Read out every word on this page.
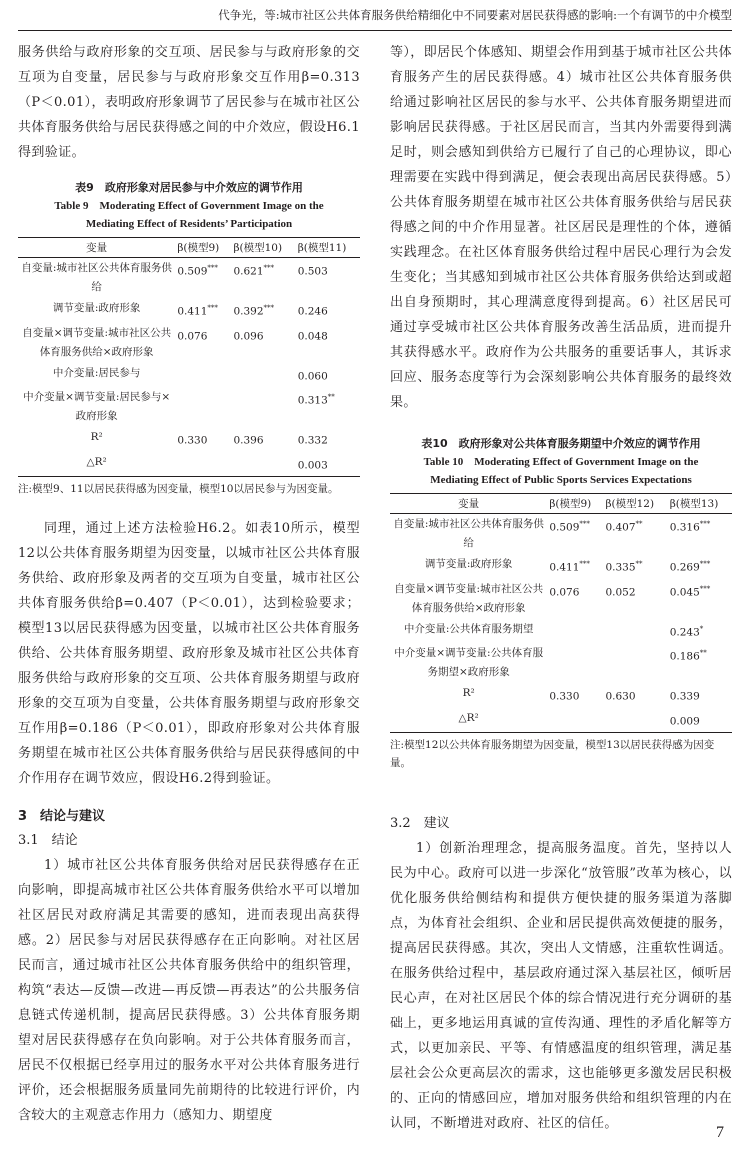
代争光，等:城市社区公共体育服务供给精细化中不同要素对居民获得感的影响:一个有调节的中介模型

服务供给与政府形象的交互项、居民参与与政府形象的交互项为自变量，居民参与与政府形象交互作用β=0.313（P＜0.01），表明政府形象调节了居民参与在城市社区公共体育服务供给与居民获得感之间的中介效应，假设H6.1得到验证。

表9　政府形象对居民参与中介效应的调节作用
Table 9　Moderating Effect of Government Image on the
Mediating Effect of Residents’ Participation
变量	β(模型9)	β(模型10)	β(模型11)
自变量:城市社区公共体育服务供给	0.509***	0.621***	0.503
调节变量:政府形象	0.411***	0.392***	0.246
自变量×调节变量:城市社区公共体育服务供给×政府形象	0.076	0.096	0.048
中介变量:居民参与			0.060
中介变量×调节变量:居民参与×政府形象			0.313**
R²	0.330	0.396	0.332
△R²			0.003
注:模型9、11以居民获得感为因变量，模型10以居民参与为因变量。

同理，通过上述方法检验H6.2。如表10所示，模型12以公共体育服务期望为因变量，以城市社区公共体育服务供给、政府形象及两者的交互项为自变量，城市社区公共体育服务供给β=0.407（P＜0.01），达到检验要求；模型13以居民获得感为因变量，以城市社区公共体育服务供给、公共体育服务期望、政府形象及城市社区公共体育服务供给与政府形象的交互项、公共体育服务期望与政府形象的交互项为自变量，公共体育服务期望与政府形象交互作用β=0.186（P＜0.01），即政府形象对公共体育服务期望在城市社区公共体育服务供给与居民获得感间的中介作用存在调节效应，假设H6.2得到验证。

3　结论与建议

3.1　结论

1）城市社区公共体育服务供给对居民获得感存在正向影响，即提高城市社区公共体育服务供给水平可以增加社区居民对政府满足其需要的感知，进而表现出高获得感。2）居民参与对居民获得感存在正向影响。对社区居民而言，通过城市社区公共体育服务供给中的组织管理，构筑“表达—反馈—改进—再反馈—再表达”的公共服务信息链式传递机制，提高居民获得感。3）公共体育服务期望对居民获得感存在负向影响。对于公共体育服务而言，居民不仅根据已经享用过的服务水平对公共体育服务进行评价，还会根据服务质量同先前期待的比较进行评价，内含较大的主观意志作用力（感知力、期望度

等），即居民个体感知、期望会作用到基于城市社区公共体育服务产生的居民获得感。4）城市社区公共体育服务供给通过影响社区居民的参与水平、公共体育服务期望进而影响居民获得感。于社区居民而言，当其内外需要得到满足时，则会感知到供给方已履行了自己的心理协议，即心理需要在实践中得到满足，便会表现出高居民获得感。5）公共体育服务期望在城市社区公共体育服务供给与居民获得感之间的中介作用显著。社区居民是理性的个体，遵循实践理念。在社区体育服务供给过程中居民心理行为会发生变化；当其感知到城市社区公共体育服务供给达到或超出自身预期时，其心理满意度得到提高。6）社区居民可通过享受城市社区公共体育服务改善生活品质，进而提升其获得感水平。政府作为公共服务的重要话事人，其诉求回应、服务态度等行为会深刻影响公共体育服务的最终效果。

表10　政府形象对公共体育服务期望中介效应的调节作用
Table 10　Moderating Effect of Government Image on the
Mediating Effect of Public Sports Services Expectations
变量	β(模型9)	β(模型12)	β(模型13)
自变量:城市社区公共体育服务供给	0.509***	0.407**	0.316***
调节变量:政府形象	0.411***	0.335**	0.269***
自变量×调节变量:城市社区公共体育服务供给×政府形象	0.076	0.052	0.045***
中介变量:公共体育服务期望			0.243*
中介变量×调节变量:公共体育服务期望×政府形象			0.186**
R²	0.330	0.630	0.339
△R²			0.009
注:模型12以公共体育服务期望为因变量，模型13以居民获得感为因变量。

3.2　建议

1）创新治理理念，提高服务温度。首先，坚持以人民为中心。政府可以进一步深化“放管服”改革为核心，以优化服务供给侧结构和提供方便快捷的服务渠道为落脚点，为体育社会组织、企业和居民提供高效便捷的服务，提高居民获得感。其次，突出人文情感，注重软性调适。在服务供给过程中，基层政府通过深入基层社区，倾听居民心声，在对社区居民个体的综合情况进行充分调研的基础上，更多地运用真诚的宣传沟通、理性的矛盾化解等方式，以更加亲民、平等、有情感温度的组织管理，满足基层社会公众更高层次的需求，这也能够更多激发居民积极的、正向的情感回应，增加对服务供给和组织管理的内在认同，不断增进对政府、社区的信任。

7
